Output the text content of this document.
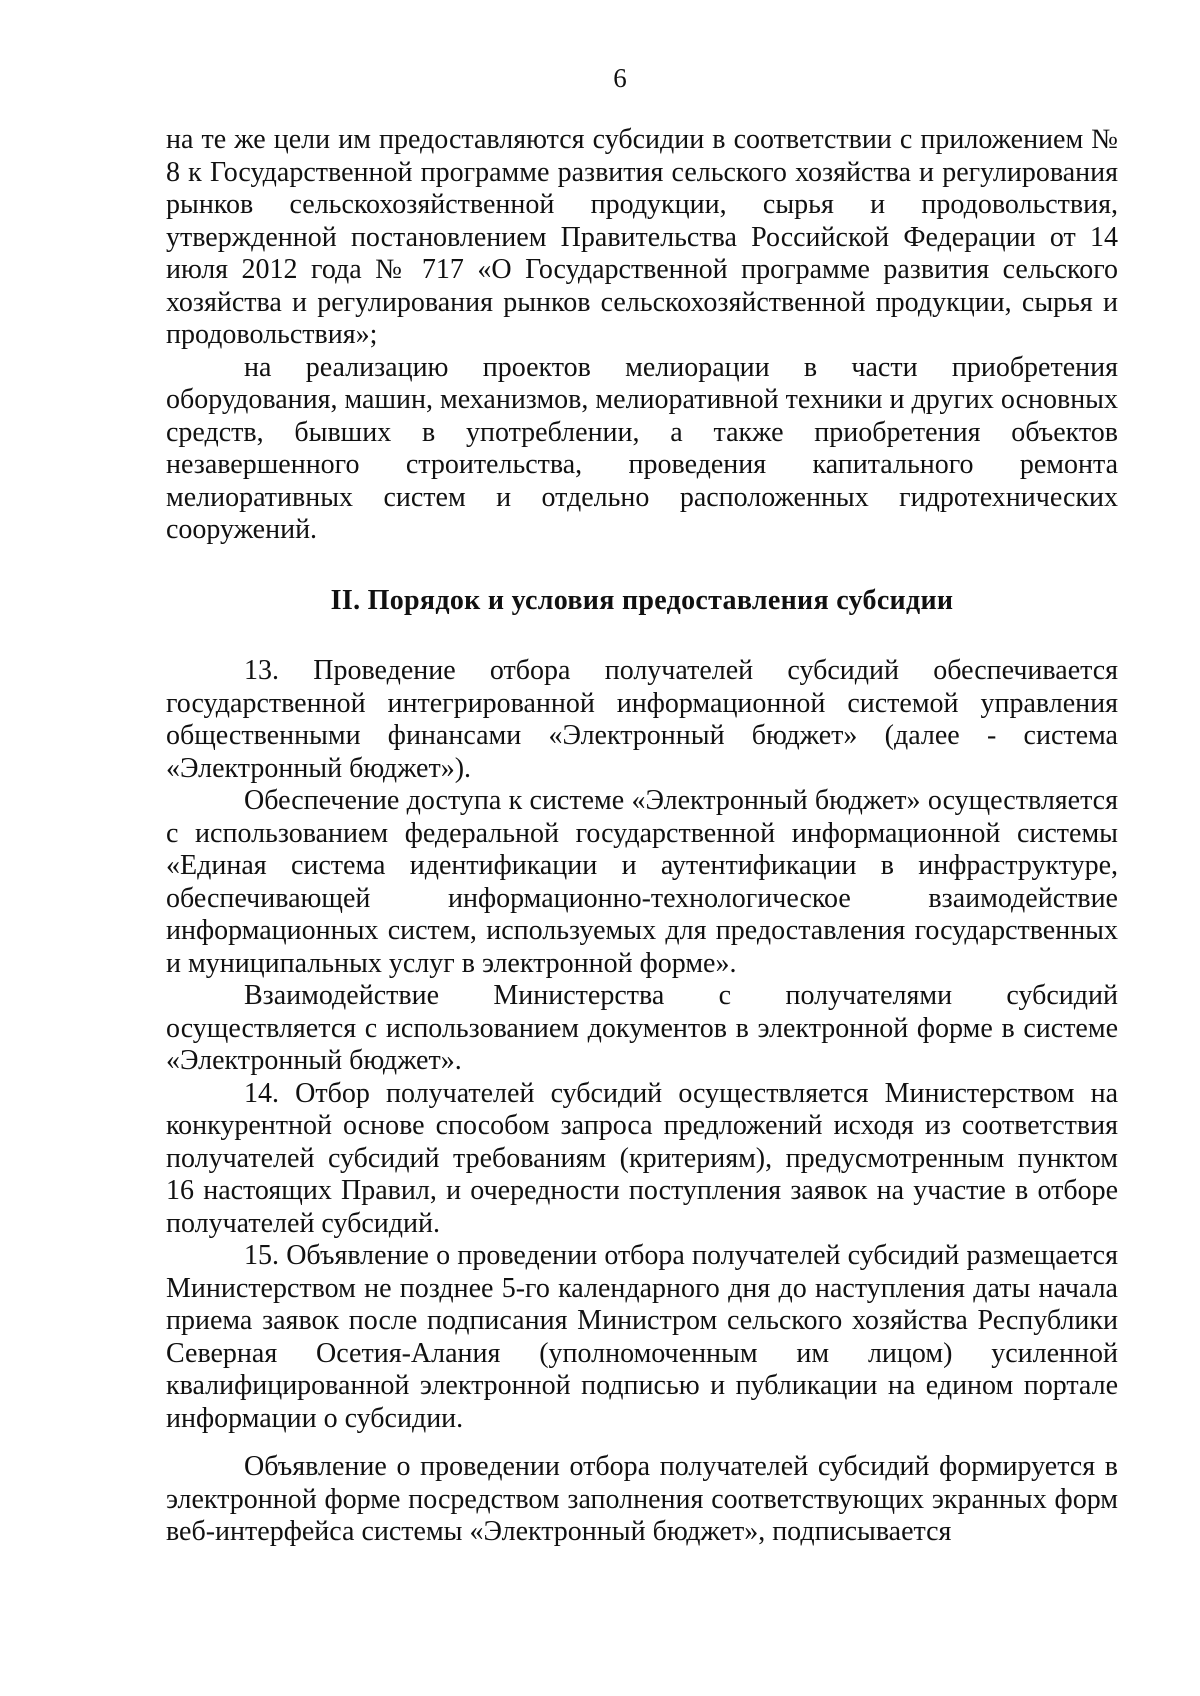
6

на те же цели им предоставляются субсидии в соответствии с приложением № 8 к Государственной программе развития сельского хозяйства и регулирования рынков сельскохозяйственной продукции, сырья и продовольствия, утвержденной постановлением Правительства Российской Федерации от 14 июля 2012 года № 717 «О Государственной программе развития сельского хозяйства и регулирования рынков сельскохозяйственной продукции, сырья и продовольствия»;

на реализацию проектов мелиорации в части приобретения оборудования, машин, механизмов, мелиоративной техники и других основных средств, бывших в употреблении, а также приобретения объектов незавершенного строительства, проведения капитального ремонта мелиоративных систем и отдельно расположенных гидротехнических сооружений.

II. Порядок и условия предоставления субсидии

13. Проведение отбора получателей субсидий обеспечивается государственной интегрированной информационной системой управления общественными финансами «Электронный бюджет» (далее - система «Электронный бюджет»).

Обеспечение доступа к системе «Электронный бюджет» осуществляется с использованием федеральной государственной информационной системы «Единая система идентификации и аутентификации в инфраструктуре, обеспечивающей информационно-технологическое взаимодействие информационных систем, используемых для предоставления государственных и муниципальных услуг в электронной форме».

Взаимодействие Министерства с получателями субсидий осуществляется с использованием документов в электронной форме в системе «Электронный бюджет».

14. Отбор получателей субсидий осуществляется Министерством на конкурентной основе способом запроса предложений исходя из соответствия получателей субсидий требованиям (критериям), предусмотренным пунктом 16 настоящих Правил, и очередности поступления заявок на участие в отборе получателей субсидий.

15. Объявление о проведении отбора получателей субсидий размещается Министерством не позднее 5-го календарного дня до наступления даты начала приема заявок после подписания Министром сельского хозяйства Республики Северная Осетия-Алания (уполномоченным им лицом) усиленной квалифицированной электронной подписью и публикации на едином портале информации о субсидии.

Объявление о проведении отбора получателей субсидий формируется в электронной форме посредством заполнения соответствующих экранных форм веб-интерфейса системы «Электронный бюджет», подписывается
